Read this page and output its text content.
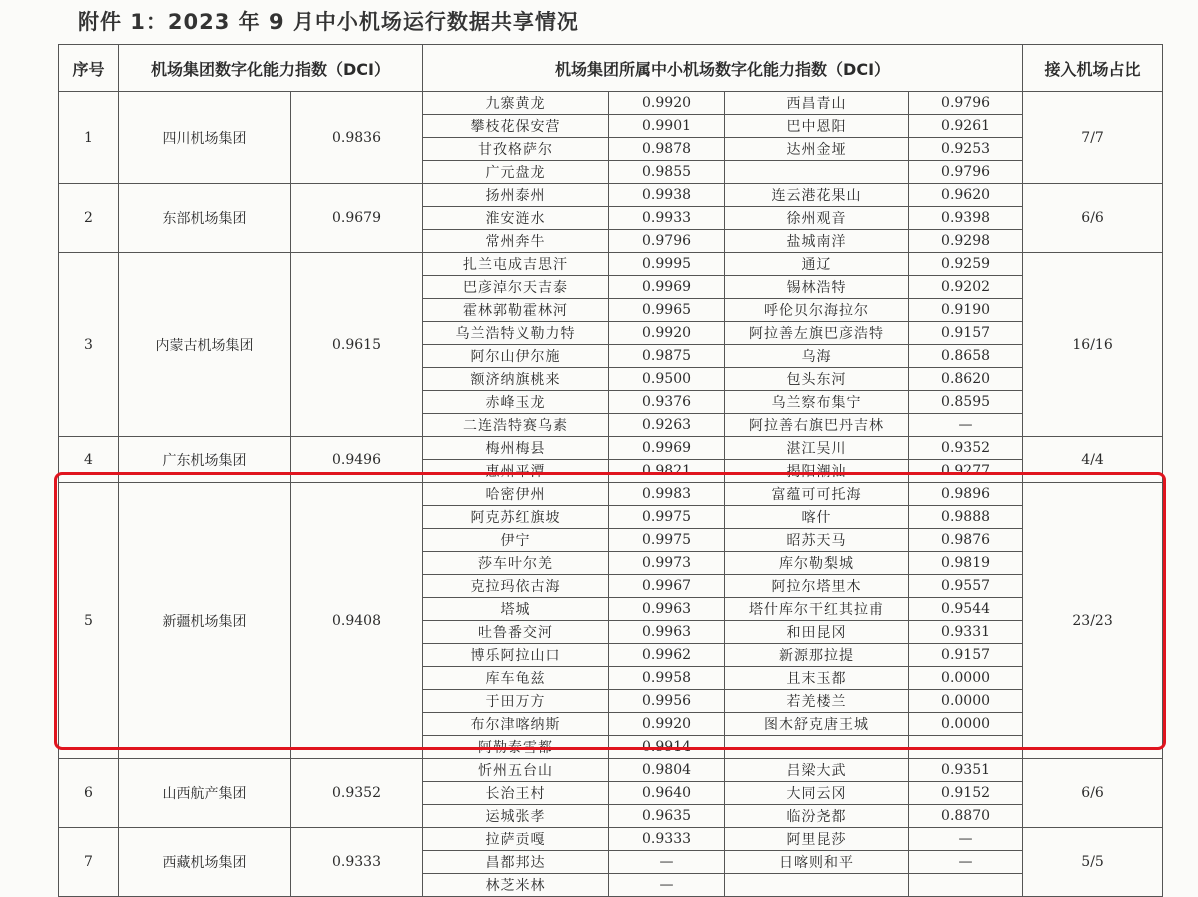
附件 1：2023 年 9 月中小机场运行数据共享情况
序号	机场集团数字化能力指数（DCI）		机场集团所属中小机场数字化能力指数（DCI）				接入机场占比
1	四川机场集团	0.9836	九寨黄龙	0.9920	西昌青山	0.9796	7/7
			攀枝花保安营	0.9901	巴中恩阳	0.9261	
			甘孜格萨尔	0.9878	达州金垭	0.9253	
			广元盘龙	0.9855		0.9796	
2	东部机场集团	0.9679	扬州泰州	0.9938	连云港花果山	0.9620	6/6
			淮安涟水	0.9933	徐州观音	0.9398	
			常州奔牛	0.9796	盐城南洋	0.9298	
3	内蒙古机场集团	0.9615	扎兰屯成吉思汗	0.9995	通辽	0.9259	16/16
			巴彦淖尔天吉泰	0.9969	锡林浩特	0.9202	
			霍林郭勒霍林河	0.9965	呼伦贝尔海拉尔	0.9190	
			乌兰浩特义勒力特	0.9920	阿拉善左旗巴彦浩特	0.9157	
			阿尔山伊尔施	0.9875	乌海	0.8658	
			额济纳旗桃来	0.9500	包头东河	0.8620	
			赤峰玉龙	0.9376	乌兰察布集宁	0.8595	
			二连浩特赛乌素	0.9263	阿拉善右旗巴丹吉林	—	
4	广东机场集团	0.9496	梅州梅县	0.9969	湛江吴川	0.9352	4/4
			惠州平潭	0.9821	揭阳潮汕	0.9277	
5	新疆机场集团	0.9408	哈密伊州	0.9983	富蕴可可托海	0.9896	23/23
			阿克苏红旗坡	0.9975	喀什	0.9888	
			伊宁	0.9975	昭苏天马	0.9876	
			莎车叶尔羌	0.9973	库尔勒梨城	0.9819	
			克拉玛依古海	0.9967	阿拉尔塔里木	0.9557	
			塔城	0.9963	塔什库尔干红其拉甫	0.9544	
			吐鲁番交河	0.9963	和田昆冈	0.9331	
			博乐阿拉山口	0.9962	新源那拉提	0.9157	
			库车龟兹	0.9958	且末玉都	0.0000	
			于田万方	0.9956	若羌楼兰	0.0000	
			布尔津喀纳斯	0.9920	图木舒克唐王城	0.0000	
			阿勒泰雪都	0.9914			
6	山西航产集团	0.9352	忻州五台山	0.9804	吕梁大武	0.9351	6/6
			长治王村	0.9640	大同云冈	0.9152	
			运城张孝	0.9635	临汾尧都	0.8870	
7	西藏机场集团	0.9333	拉萨贡嘎	0.9333	阿里昆莎	—	5/5
			昌都邦达	—	日喀则和平	—	
			林芝米林	—			
